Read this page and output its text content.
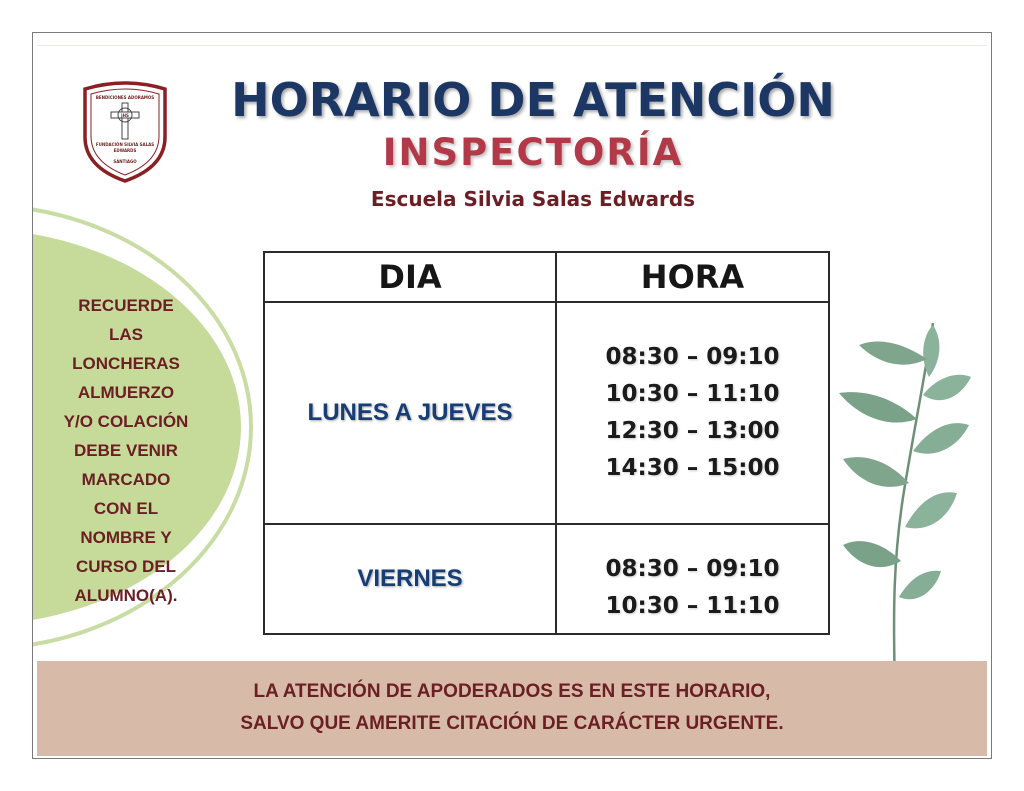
BENDICIONES ADORAMOS
JHS
FUNDACIÓN SILVIA SALAS
EDWARDS
SANTIAGO
HORARIO DE ATENCIÓN
INSPECTORÍA
Escuela Silvia Salas Edwards
RECUERDE
LAS
LONCHERAS
ALMUERZO
Y/O COLACIÓN
DEBE VENIR
MARCADO
CON EL
NOMBRE Y
CURSO DEL
ALUMNO(A).
DIA	HORA
LUNES A JUEVES	08:30 – 09:10
10:30 – 11:10
12:30 – 13:00
14:30 – 15:00

VIERNES	08:30 – 09:10
10:30 – 11:10
LA ATENCIÓN DE APODERADOS ES EN ESTE HORARIO,
SALVO QUE AMERITE CITACIÓN DE CARÁCTER URGENTE.
